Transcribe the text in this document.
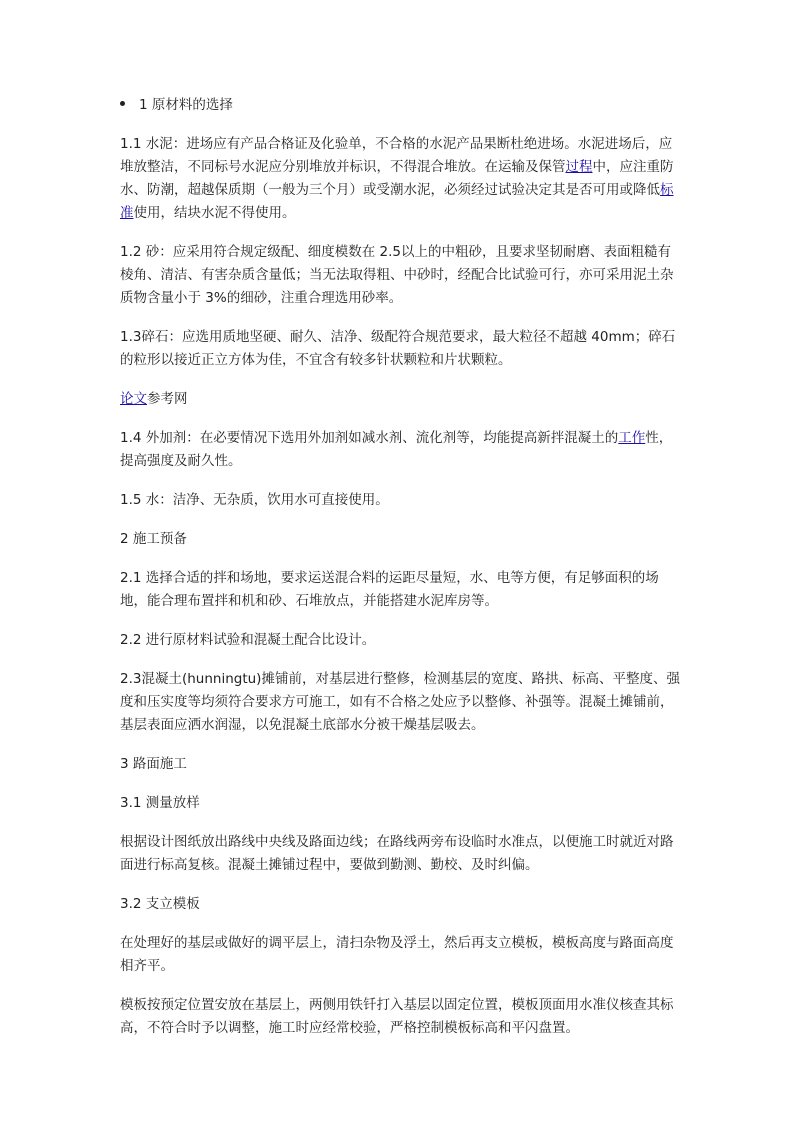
1 原材料的选择

1.1 水泥：进场应有产品合格证及化验单，不合格的水泥产品果断杜绝进场。水泥进场后，应堆放整洁，不同标号水泥应分别堆放并标识，不得混合堆放。在运输及保管过程中，应注重防水、防潮，超越保质期（一般为三个月）或受潮水泥，必须经过试验决定其是否可用或降低标准使用，结块水泥不得使用。

1.2 砂：应采用符合规定级配、细度模数在 2.5以上的中粗砂，且要求坚韧耐磨、表面粗糙有棱角、清洁、有害杂质含量低；当无法取得粗、中砂时，经配合比试验可行，亦可采用泥土杂质物含量小于 3%的细砂，注重合理选用砂率。

1.3碎石：应选用质地坚硬、耐久、洁净、级配符合规范要求，最大粒径不超越 40mm；碎石的粒形以接近正立方体为佳，不宜含有较多针状颗粒和片状颗粒。

论文参考网

1.4 外加剂：在必要情况下选用外加剂如减水剂、流化剂等，均能提高新拌混凝土的工作性，提高强度及耐久性。

1.5 水：洁净、无杂质，饮用水可直接使用。

2 施工预备

2.1 选择合适的拌和场地，要求运送混合料的运距尽量短，水、电等方便，有足够面积的场地，能合理布置拌和机和砂、石堆放点，并能搭建水泥库房等。

2.2 进行原材料试验和混凝土配合比设计。

2.3混凝土(hunningtu)摊铺前，对基层进行整修，检测基层的宽度、路拱、标高、平整度、强度和压实度等均须符合要求方可施工，如有不合格之处应予以整修、补强等。混凝土摊铺前，基层表面应洒水润湿，以免混凝土底部水分被干燥基层吸去。

3 路面施工

3.1 测量放样

根据设计图纸放出路线中央线及路面边线；在路线两旁布设临时水准点，以便施工时就近对路面进行标高复核。混凝土摊铺过程中，要做到勤测、勤校、及时纠偏。

3.2 支立模板

在处理好的基层或做好的调平层上，清扫杂物及浮土，然后再支立模板，模板高度与路面高度相齐平。

模板按预定位置安放在基层上，两侧用铁钎打入基层以固定位置，模板顶面用水准仪核查其标高，不符合时予以调整，施工时应经常校验，严格控制模板标高和平闪盘置。
